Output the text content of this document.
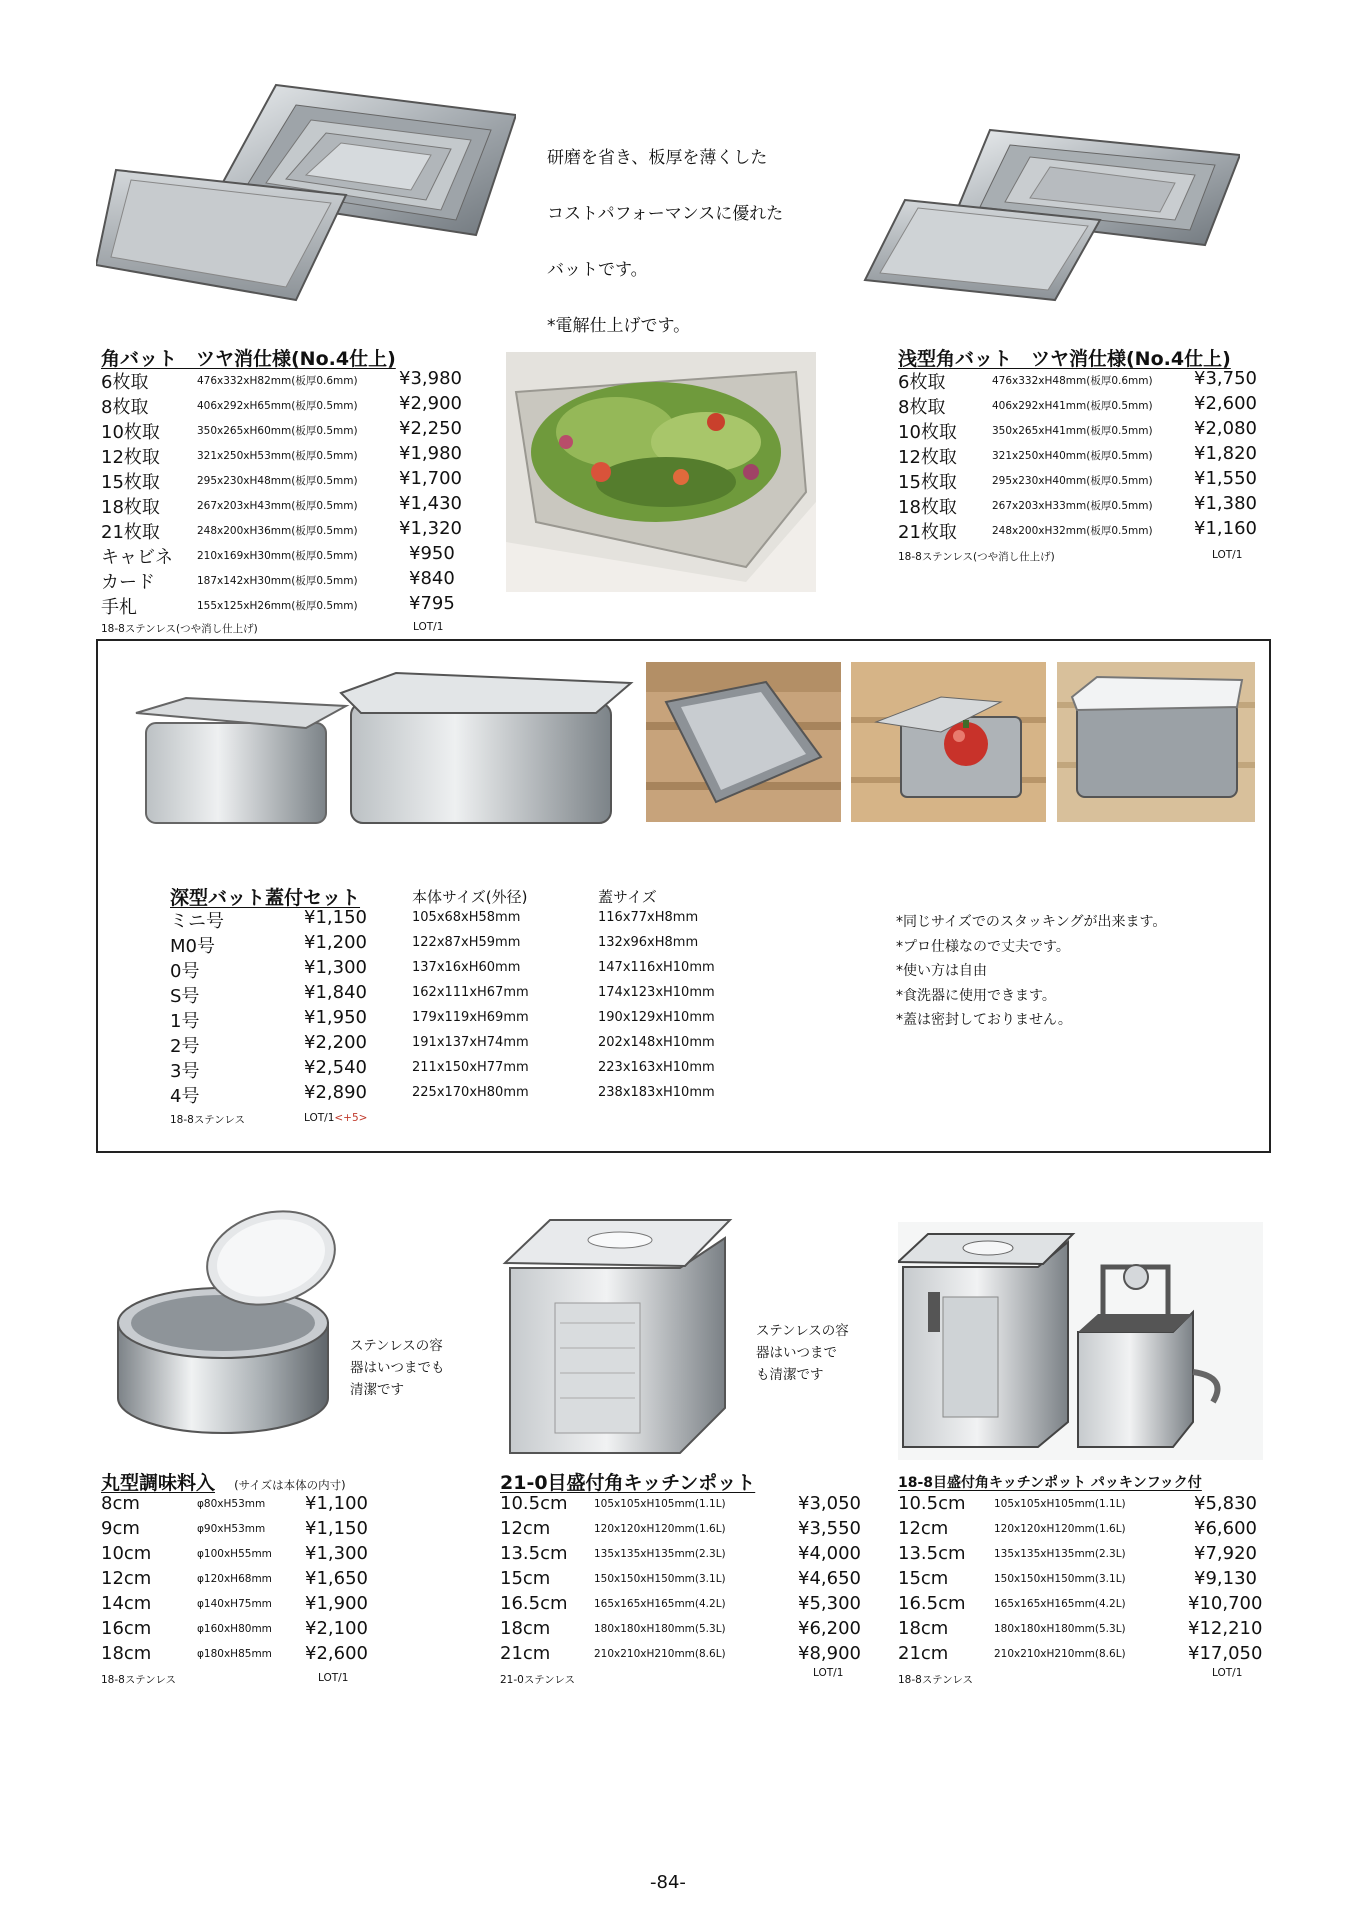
研磨を省き、板厚を薄くした
コストパフォーマンスに優れた
バットです。
*電解仕上げです。
角バット　ツヤ消仕様(No.4仕上)
6枚取	476x332xH82mm(板厚0.6mm) ¥3,980
8枚取	406x292xH65mm(板厚0.5mm) ¥2,900
10枚取	350x265xH60mm(板厚0.5mm) ¥2,250
12枚取	321x250xH53mm(板厚0.5mm) ¥1,980
15枚取	295x230xH48mm(板厚0.5mm) ¥1,700
18枚取	267x203xH43mm(板厚0.5mm) ¥1,430
21枚取	248x200xH36mm(板厚0.5mm) ¥1,320
キャビネ 210x169xH30mm(板厚0.5mm)	¥950
カード	187x142xH30mm(板厚0.5mm)	¥840
手札	155x125xH26mm(板厚0.5mm)	¥795
18-8ステンレス(つや消し仕上げ)	LOT/1
浅型角バット　ツヤ消仕様(No.4仕上)
6枚取	476x332xH48mm(板厚0.6mm) ¥3,750
8枚取	406x292xH41mm(板厚0.5mm) ¥2,600
10枚取	350x265xH41mm(板厚0.5mm) ¥2,080
12枚取	321x250xH40mm(板厚0.5mm) ¥1,820
15枚取	295x230xH40mm(板厚0.5mm) ¥1,550
18枚取	267x203xH33mm(板厚0.5mm) ¥1,380
21枚取	248x200xH32mm(板厚0.5mm) ¥1,160
18-8ステンレス(つや消し仕上げ)	LOT/1
深型バット蓋付セット	本体サイズ(外径)	蓋サイズ
ミニ号	¥1,150	105x68xH58mm	116x77xH8mm
M0号	¥1,200	122x87xH59mm	132x96xH8mm
0号	¥1,300	137x16xH60mm	147x116xH10mm
S号	¥1,840	162x111xH67mm	174x123xH10mm
1号	¥1,950	179x119xH69mm	190x129xH10mm
2号	¥2,200	191x137xH74mm	202x148xH10mm
3号	¥2,540	211x150xH77mm	223x163xH10mm
4号	¥2,890	225x170xH80mm	238x183xH10mm
18-8ステンレス	LOT/1<+5>
*同じサイズでのスタッキングが出来ます。
*プロ仕様なので丈夫です。
*使い方は自由
*食洗器に使用できます。
*蓋は密封しておりません。
ステンレスの容
器はいつまでも
清潔です
ステンレスの容
器はいつまで
も清潔です
丸型調味料入 (サイズは本体の内寸)
8cm	φ80xH53mm ¥1,100
9cm	φ90xH53mm ¥1,150
10cm	φ100xH55mm ¥1,300
12cm	φ120xH68mm ¥1,650
14cm	φ140xH75mm ¥1,900
16cm	φ160xH80mm ¥2,100
18cm	φ180xH85mm ¥2,600
18-8ステンレス	LOT/1
21-0目盛付角キッチンポット
10.5cm	105x105xH105mm(1.1L)	¥3,050
12cm	120x120xH120mm(1.6L)	¥3,550
13.5cm	135x135xH135mm(2.3L)	¥4,000
15cm	150x150xH150mm(3.1L)	¥4,650
16.5cm	165x165xH165mm(4.2L)	¥5,300
18cm	180x180xH180mm(5.3L)	¥6,200
21cm	210x210xH210mm(8.6L)	¥8,900
21-0ステンレス
LOT/1
18-8目盛付角キッチンポット パッキンフック付
10.5cm	105x105xH105mm(1.1L)	¥5,830
12cm	120x120xH120mm(1.6L)	¥6,600
13.5cm	135x135xH135mm(2.3L)	¥7,920
15cm	150x150xH150mm(3.1L)	¥9,130
16.5cm	165x165xH165mm(4.2L)	¥10,700
18cm	180x180xH180mm(5.3L)	¥12,210
21cm	210x210xH210mm(8.6L)	¥17,050
18-8ステンレス
LOT/1
-84-
